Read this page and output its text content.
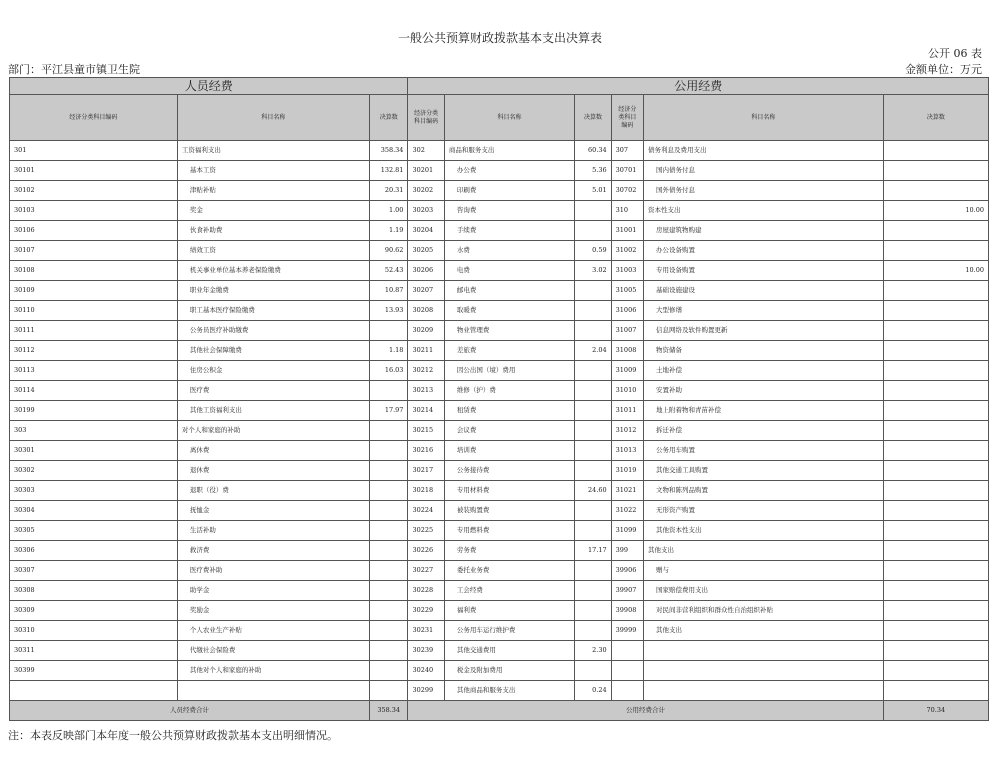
一般公共预算财政拨款基本支出决算表
公开 06 表
部门：平江县童市镇卫生院	金额单位：万元
人员经费			公用经费					
经济分类科目编码	科目名称	决算数	经济分类科目编码	科目名称	决算数	经济分类科目编码	科目名称	决算数
301	工资福利支出	358.34	302	商品和服务支出	60.34	307	债务利息及费用支出	
30101	基本工资	132.81	30201	办公费	5.36	30701	国内债务付息	
30102	津贴补贴	20.31	30202	印刷费	5.01	30702	国外债务付息	
30103	奖金	1.00	30203	咨询费		310	资本性支出	10.00
30106	伙食补助费	1.19	30204	手续费		31001	房屋建筑物购建	
30107	绩效工资	90.62	30205	水费	0.59	31002	办公设备购置	
30108	机关事业单位基本养老保险缴费	52.43	30206	电费	3.02	31003	专用设备购置	10.00
30109	职业年金缴费	10.87	30207	邮电费		31005	基础设施建设	
30110	职工基本医疗保险缴费	13.93	30208	取暖费		31006	大型修缮	
30111	公务员医疗补助缴费		30209	物业管理费		31007	信息网络及软件购置更新	
30112	其他社会保障缴费	1.18	30211	差旅费	2.04	31008	物资储备	
30113	住房公积金	16.03	30212	因公出国（境）费用		31009	土地补偿	
30114	医疗费		30213	维修（护）费		31010	安置补助	
30199	其他工资福利支出	17.97	30214	租赁费		31011	地上附着物和青苗补偿	
303	对个人和家庭的补助		30215	会议费		31012	拆迁补偿	
30301	离休费		30216	培训费		31013	公务用车购置	
30302	退休费		30217	公务接待费		31019	其他交通工具购置	
30303	退职（役）费		30218	专用材料费	24.60	31021	文物和陈列品购置	
30304	抚恤金		30224	被装购置费		31022	无形资产购置	
30305	生活补助		30225	专用燃料费		31099	其他资本性支出	
30306	救济费		30226	劳务费	17.17	399	其他支出	
30307	医疗费补助		30227	委托业务费		39906	赠与	
30308	助学金		30228	工会经费		39907	国家赔偿费用支出	
30309	奖励金		30229	福利费		39908	对民间非营利组织和群众性自治组织补贴	
30310	个人农业生产补贴		30231	公务用车运行维护费		39999	其他支出	
30311	代缴社会保险费		30239	其他交通费用	2.30			
30399	其他对个人和家庭的补助		30240	税金及附加费用				
			30299	其他商品和服务支出	0.24			
人员经费合计		358.34	公用经费合计					70.34
注：本表反映部门本年度一般公共预算财政拨款基本支出明细情况。
